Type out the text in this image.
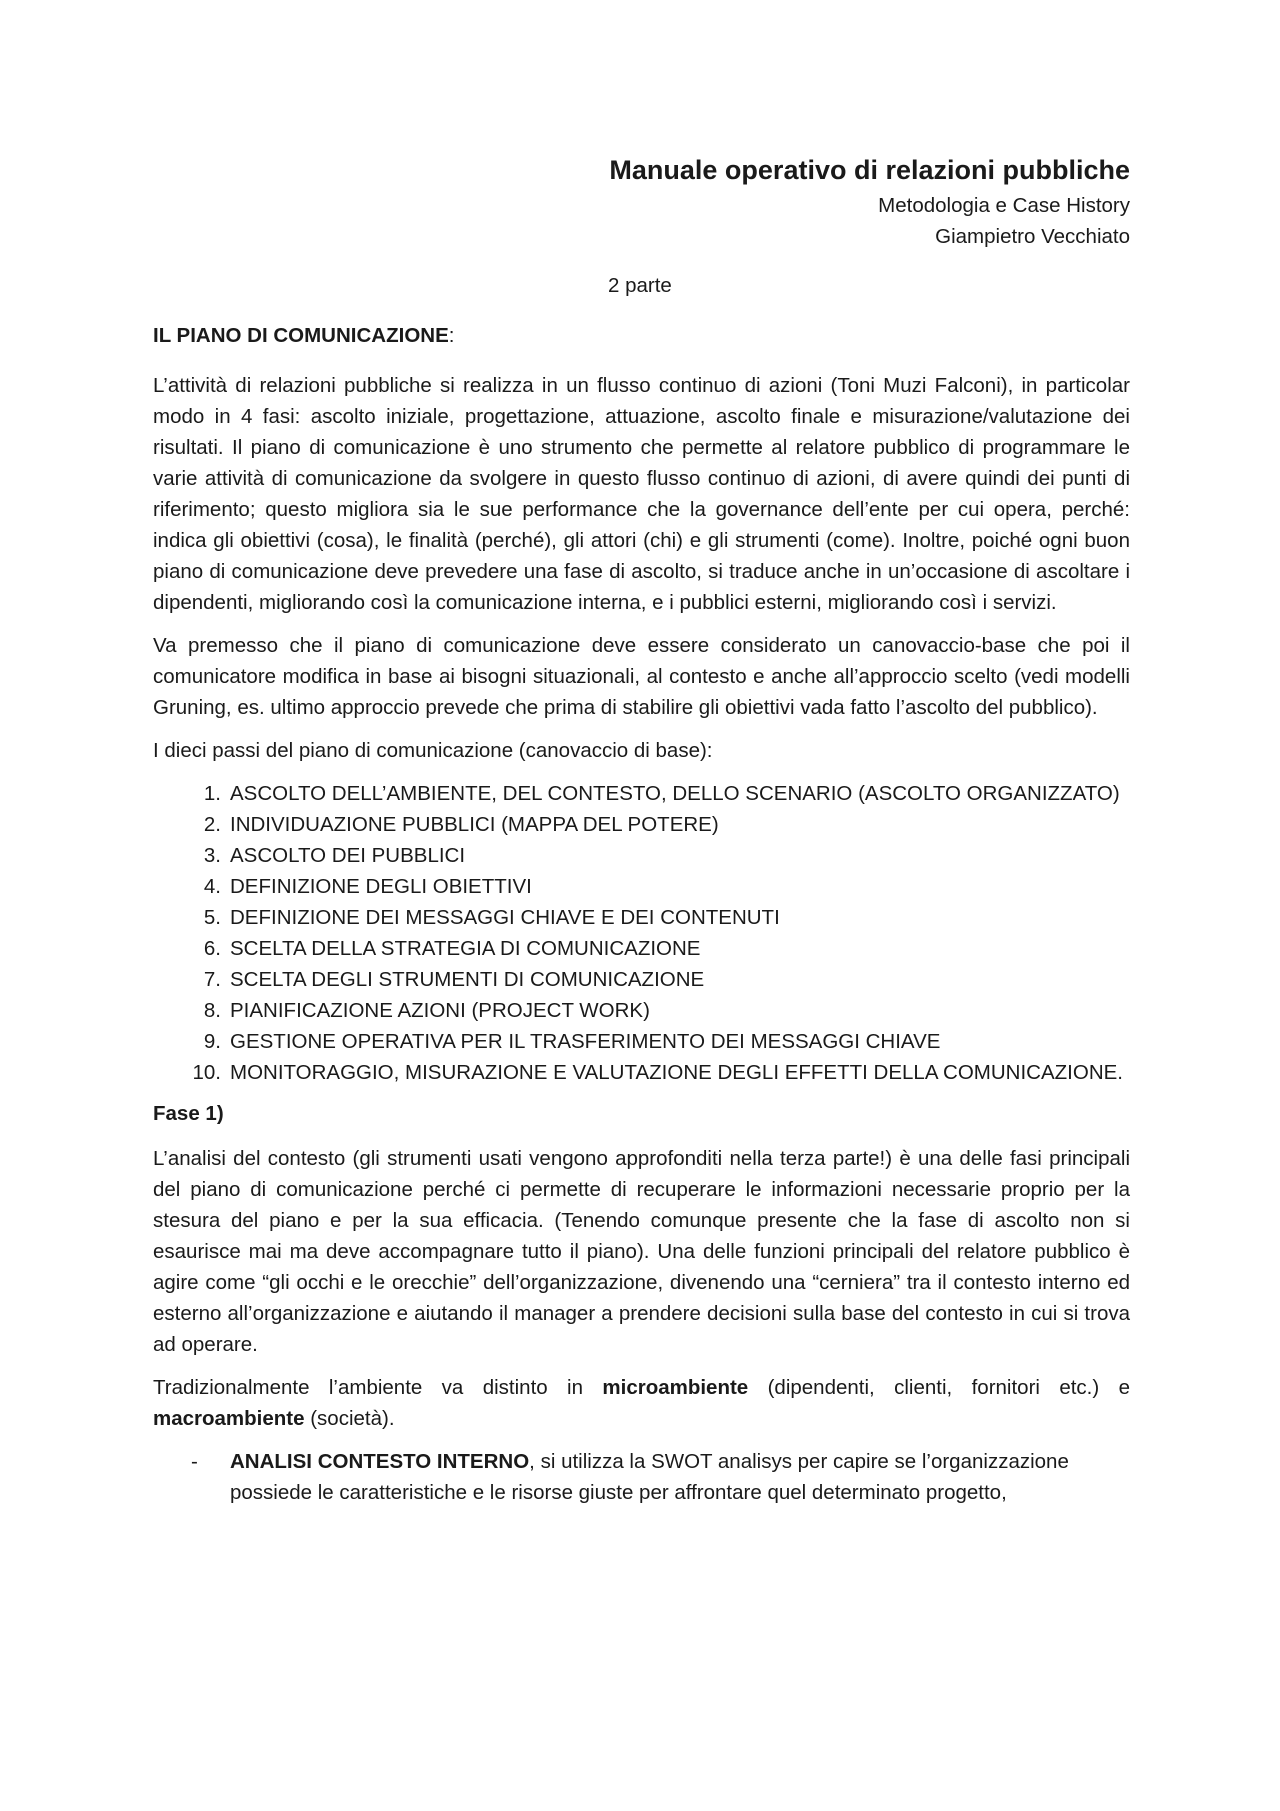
Manuale operativo di relazioni pubbliche
Metodologia e Case History
Giampietro Vecchiato
2 parte
IL PIANO DI COMUNICAZIONE:

L’attività di relazioni pubbliche si realizza in un flusso continuo di azioni (Toni Muzi Falconi), in particolar modo in 4 fasi: ascolto iniziale, progettazione, attuazione, ascolto finale e misurazione/valutazione dei risultati. Il piano di comunicazione è uno strumento che permette al relatore pubblico di programmare le varie attività di comunicazione da svolgere in questo flusso continuo di azioni, di avere quindi dei punti di riferimento; questo migliora sia le sue performance che la governance dell’ente per cui opera, perché: indica gli obiettivi (cosa), le finalità (perché), gli attori (chi) e gli strumenti (come). Inoltre, poiché ogni buon piano di comunicazione deve prevedere una fase di ascolto, si traduce anche in un’occasione di ascoltare i dipendenti, migliorando così la comunicazione interna, e i pubblici esterni, migliorando così i servizi.

Va premesso che il piano di comunicazione deve essere considerato un canovaccio-base che poi il comunicatore modifica in base ai bisogni situazionali, al contesto e anche all’approccio scelto (vedi modelli Gruning, es. ultimo approccio prevede che prima di stabilire gli obiettivi vada fatto l’ascolto del pubblico).

I dieci passi del piano di comunicazione (canovaccio di base):

1. ASCOLTO DELL’AMBIENTE, DEL CONTESTO, DELLO SCENARIO (ASCOLTO ORGANIZZATO)
2. INDIVIDUAZIONE PUBBLICI (MAPPA DEL POTERE)
3. ASCOLTO DEI PUBBLICI
4. DEFINIZIONE DEGLI OBIETTIVI
5. DEFINIZIONE DEI MESSAGGI CHIAVE E DEI CONTENUTI
6. SCELTA DELLA STRATEGIA DI COMUNICAZIONE
7. SCELTA DEGLI STRUMENTI DI COMUNICAZIONE
8. PIANIFICAZIONE AZIONI (PROJECT WORK)
9. GESTIONE OPERATIVA PER IL TRASFERIMENTO DEI MESSAGGI CHIAVE
10. MONITORAGGIO, MISURAZIONE E VALUTAZIONE DEGLI EFFETTI DELLA COMUNICAZIONE.
Fase 1)

L’analisi del contesto (gli strumenti usati vengono approfonditi nella terza parte!) è una delle fasi principali del piano di comunicazione perché ci permette di recuperare le informazioni necessarie proprio per la stesura del piano e per la sua efficacia. (Tenendo comunque presente che la fase di ascolto non si esaurisce mai ma deve accompagnare tutto il piano). Una delle funzioni principali del relatore pubblico è agire come “gli occhi e le orecchie” dell’organizzazione, divenendo una “cerniera” tra il contesto interno ed esterno all’organizzazione e aiutando il manager a prendere decisioni sulla base del contesto in cui si trova ad operare.

Tradizionalmente l’ambiente va distinto in microambiente (dipendenti, clienti, fornitori etc.) e macroambiente (società).

-	ANALISI CONTESTO INTERNO, si utilizza la SWOT analisys per capire se l’organizzazione possiede le caratteristiche e le risorse giuste per affrontare quel determinato progetto,
